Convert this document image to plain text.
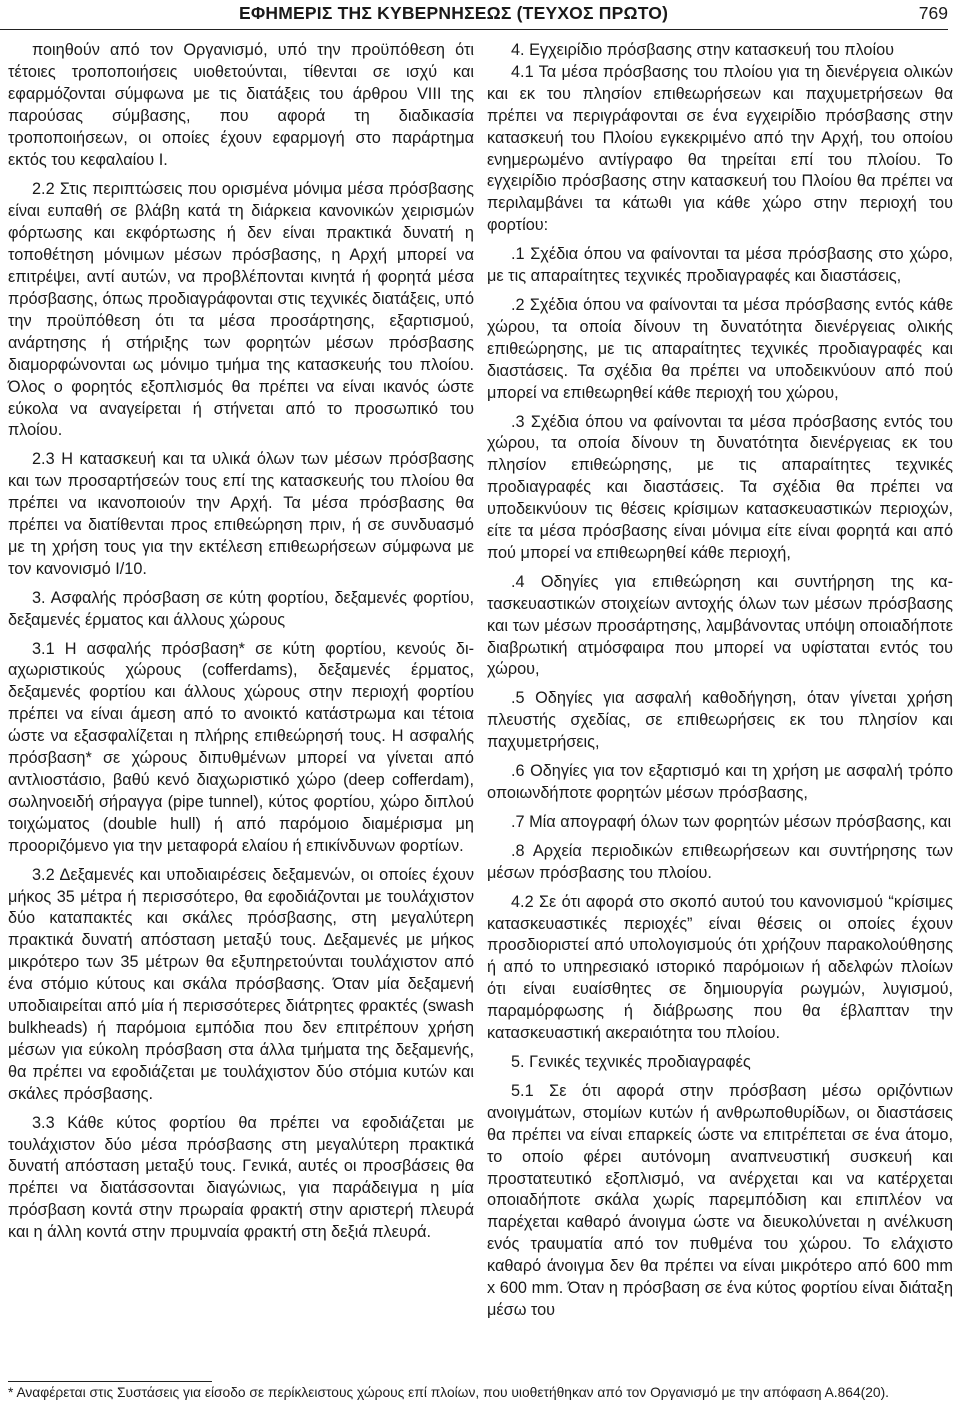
ΕΦΗΜΕΡΙΣ ΤΗΣ ΚΥΒΕΡΝΗΣΕΩΣ (ΤΕΥΧΟΣ ΠΡΩΤΟ)	769

ποιηθούν από τον Οργανισμό, υπό την προϋπόθεση ότι τέτοιες τροποποιήσεις υιοθετούνται, τίθενται σε ισχύ και εφαρμόζονται σύμφωνα με τις διατάξεις του άρθρου VIII της παρούσας σύμβασης, που αφορά τη διαδικασία τροποποιήσεων, οι οποίες έχουν εφαρμογή στο παράρτημα εκτός του κεφαλαίου Ι.

2.2 Στις περιπτώσεις που ορισμένα μόνιμα μέσα πρόσβασης είναι ευπαθή σε βλάβη κατά τη διάρκεια κανονικών χειρισμών φόρτωσης και εκφόρτωσης ή δεν είναι πρακτικά δυνατή η τοποθέτηση μόνιμων μέσων πρόσβασης, η Αρχή μπορεί να επιτρέψει, αντί αυτών, να προβλέπονται κινητά ή φορητά μέσα πρόσβασης, όπως προδιαγράφονται στις τεχνικές διατάξεις, υπό την προϋπόθεση ότι τα μέσα προσάρτησης, εξαρτισμού, ανάρτησης ή στήριξης των φορητών μέσων πρόσβασης διαμορφώνονται ως μόνιμο τμήμα της κατασκευής του πλοίου. Όλος ο φορητός εξοπλισμός θα πρέπει να είναι ικανός ώστε εύκολα να αναγείρεται ή στήνεται από το προσωπικό του πλοίου.

2.3 Η κατασκευή και τα υλικά όλων των μέσων πρόσβασης και των προσαρτήσεών τους επί της κατασκευής του πλοίου θα πρέπει να ικανοποιούν την Αρχή. Τα μέσα πρόσβασης θα πρέπει να διατίθενται προς επιθεώρηση πριν, ή σε συνδυασμό με τη χρήση τους για την εκτέλεση επιθεωρήσεων σύμφωνα με τον κανονισμό I/10.

3. Ασφαλής πρόσβαση σε κύτη φορτίου, δεξαμενές φορτίου, δεξαμενές έρματος και άλλους χώρους

3.1 Η ασφαλής πρόσβαση* σε κύτη φορτίου, κενούς διαχωριστικούς χώρους (cofferdams), δεξαμενές έρματος, δεξαμενές φορτίου και άλλους χώρους στην περιοχή φορτίου πρέπει να είναι άμεση από το ανοικτό κατάστρωμα και τέτοια ώστε να εξασφαλίζεται η πλήρης επιθεώρησή τους. Η ασφαλής πρόσβαση* σε χώρους διπυθμένων μπορεί να γίνεται από αντλιοστάσιο, βαθύ κενό διαχωριστικό χώρο (deep cofferdam), σωληνοειδή σήραγγα (pipe tunnel), κύτος φορτίου, χώρο διπλού τοιχώματος (double hull) ή από παρόμοιο διαμέρισμα μη προοριζόμενο για την μεταφορά ελαίου ή επικίνδυνων φορτίων.

3.2 Δεξαμενές και υποδιαιρέσεις δεξαμενών, οι οποίες έχουν μήκος 35 μέτρα ή περισσότερο, θα εφοδιάζονται με τουλάχιστον δύο καταπακτές και σκάλες πρόσβασης, στη μεγαλύτερη πρακτικά δυνατή απόσταση μεταξύ τους. Δεξαμενές με μήκος μικρότερο των 35 μέτρων θα εξυπηρετούνται τουλάχιστον από ένα στόμιο κύτους και σκάλα πρόσβασης. Όταν μία δεξαμενή υποδιαιρείται από μία ή περισσότερες διάτρητες φρακτές (swash bulkheads) ή παρόμοια εμπόδια που δεν επιτρέπουν χρήση μέσων για εύκολη πρόσβαση στα άλλα τμήματα της δεξαμενής, θα πρέπει να εφοδιάζεται με τουλάχιστον δύο στόμια κυτών και σκάλες πρόσβασης.

3.3 Κάθε κύτος φορτίου θα πρέπει να εφοδιάζεται με τουλάχιστον δύο μέσα πρόσβασης στη μεγαλύτερη πρακτικά δυνατή απόσταση μεταξύ τους. Γενικά, αυτές οι προσβάσεις θα πρέπει να διατάσσονται διαγώνιως, για παράδειγμα η μία πρόσβαση κοντά στην πρωραία φρακτή στην αριστερή πλευρά και η άλλη κοντά στην πρυμναία φρακτή στη δεξιά πλευρά.

4. Εγχειρίδιο πρόσβασης στην κατασκευή του πλοίου

4.1 Τα μέσα πρόσβασης του πλοίου για τη διενέργεια ολικών και εκ του πλησίον επιθεωρήσεων και παχυμετρήσεων θα πρέπει να περιγράφονται σε ένα εγχειρίδιο πρόσβασης στην κατασκευή του Πλοίου εγκεκριμένο από την Αρχή, του οποίου ενημερωμένο αντίγραφο θα τηρείται επί του πλοίου. Το εγχειρίδιο πρόσβασης στην κατασκευή του Πλοίου θα πρέπει να περιλαμβάνει τα κάτωθι για κάθε χώρο στην περιοχή του φορτίου:

.1 Σχέδια όπου να φαίνονται τα μέσα πρόσβασης στο χώρο, με τις απαραίτητες τεχνικές προδιαγραφές και διαστάσεις,

.2 Σχέδια όπου να φαίνονται τα μέσα πρόσβασης εντός κάθε χώρου, τα οποία δίνουν τη δυνατότητα διενέργειας ολικής επιθεώρησης, με τις απαραίτητες τεχνικές προδιαγραφές και διαστάσεις. Τα σχέδια θα πρέπει να υποδεικνύουν από πού μπορεί να επιθεωρηθεί κάθε περιοχή του χώρου,

.3 Σχέδια όπου να φαίνονται τα μέσα πρόσβασης εντός του χώρου, τα οποία δίνουν τη δυνατότητα διενέργειας εκ του πλησίον επιθεώρησης, με τις απαραίτητες τεχνικές προδιαγραφές και διαστάσεις. Τα σχέδια θα πρέπει να υποδεικνύουν τις θέσεις κρίσιμων κατασκευαστικών περιοχών, είτε τα μέσα πρόσβασης είναι μόνιμα είτε είναι φορητά και από πού μπορεί να επιθεωρηθεί κάθε περιοχή,

.4 Οδηγίες για επιθεώρηση και συντήρηση της κατασκευαστικών στοιχείων αντοχής όλων των μέσων πρόσβασης και των μέσων προσάρτησης, λαμβάνοντας υπόψη οποιαδήποτε διαβρωτική ατμόσφαιρα που μπορεί να υφίσταται εντός του χώρου,

.5 Οδηγίες για ασφαλή καθοδήγηση, όταν γίνεται χρήση πλευστής σχεδίας, σε επιθεωρήσεις εκ του πλησίον και παχυμετρήσεις,

.6 Οδηγίες για τον εξαρτισμό και τη χρήση με ασφαλή τρόπο οποιωνδήποτε φορητών μέσων πρόσβασης,

.7 Μία απογραφή όλων των φορητών μέσων πρόσβασης, και

.8 Αρχεία περιοδικών επιθεωρήσεων και συντήρησης των μέσων πρόσβασης του πλοίου.

4.2 Σε ότι αφορά στο σκοπό αυτού του κανονισμού “κρίσιμες κατασκευαστικές περιοχές” είναι θέσεις οι οποίες έχουν προσδιοριστεί από υπολογισμούς ότι χρήζουν παρακολούθησης ή από το υπηρεσιακό ιστορικό παρόμοιων ή αδελφών πλοίων ότι είναι ευαίσθητες σε δημιουργία ρωγμών, λυγισμού, παραμόρφωσης ή διάβρωσης που θα έβλαπταν την κατασκευαστική ακεραιότητα του πλοίου.

5. Γενικές τεχνικές προδιαγραφές

5.1 Σε ότι αφορά στην πρόσβαση μέσω οριζόντιων ανοιγμάτων, στομίων κυτών ή ανθρωποθυρίδων, οι διαστάσεις θα πρέπει να είναι επαρκείς ώστε να επιτρέπεται σε ένα άτομο, το οποίο φέρει αυτόνομη αναπνευστική συσκευή και προστατευτικό εξοπλισμό, να ανέρχεται και να κατέρχεται οποιαδήποτε σκάλα χωρίς παρεμπόδιση και επιπλέον να παρέχεται καθαρό άνοιγμα ώστε να διευκολύνεται η ανέλκυση ενός τραυματία από τον πυθμένα του χώρου. Το ελάχιστο καθαρό άνοιγμα δεν θα πρέπει να είναι μικρότερο από 600 mm x 600 mm. Όταν η πρόσβαση σε ένα κύτος φορτίου είναι διάταξη μέσω του

* Αναφέρεται στις Συστάσεις για είσοδο σε περίκλειστους χώρους επί πλοίων, που υιοθετήθηκαν από τον Οργανισμό με την απόφαση Α.864(20).
